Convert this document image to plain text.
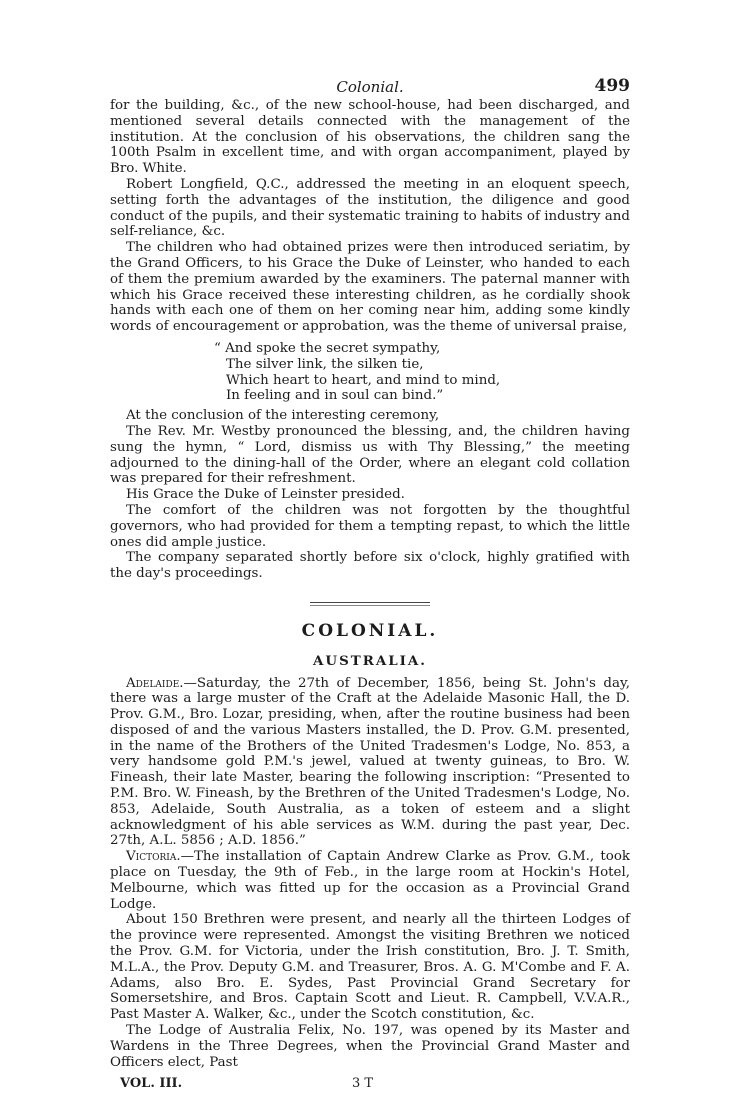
Colonial.	499

for the building, &c., of the new school-house, had been discharged, and mentioned several details connected with the management of the institution. At the conclusion of his observations, the children sang the 100th Psalm in excellent time, and with organ accompaniment, played by Bro. White.

Robert Longfield, Q.C., addressed the meeting in an eloquent speech, setting forth the advantages of the institution, the diligence and good conduct of the pupils, and their systematic training to habits of industry and self-reliance, &c.

The children who had obtained prizes were then introduced seriatim, by the Grand Officers, to his Grace the Duke of Leinster, who handed to each of them the premium awarded by the examiners. The paternal manner with which his Grace received these interesting children, as he cordially shook hands with each one of them on her coming near him, adding some kindly words of encouragement or approbation, was the theme of universal praise,

“ And spoke the secret sympathy,
The silver link, the silken tie,
Which heart to heart, and mind to mind,
In feeling and in soul can bind.”

At the conclusion of the interesting ceremony,

The Rev. Mr. Westby pronounced the blessing, and, the children having sung the hymn, “ Lord, dismiss us with Thy Blessing,” the meeting adjourned to the dining-hall of the Order, where an elegant cold collation was prepared for their refreshment.

His Grace the Duke of Leinster presided.

The comfort of the children was not forgotten by the thoughtful governors, who had provided for them a tempting repast, to which the little ones did ample justice.

The company separated shortly before six o'clock, highly gratified with the day's proceedings.

COLONIAL.
AUSTRALIA.

Adelaide.—Saturday, the 27th of December, 1856, being St. John's day, there was a large muster of the Craft at the Adelaide Masonic Hall, the D. Prov. G.M., Bro. Lozar, presiding, when, after the routine business had been disposed of and the various Masters installed, the D. Prov. G.M. presented, in the name of the Brothers of the United Tradesmen's Lodge, No. 853, a very handsome gold P.M.'s jewel, valued at twenty guineas, to Bro. W. Fineash, their late Master, bearing the following inscription: “Presented to P.M. Bro. W. Fineash, by the Brethren of the United Tradesmen's Lodge, No. 853, Adelaide, South Australia, as a token of esteem and a slight acknowledgment of his able services as W.M. during the past year, Dec. 27th, A.L. 5856 ; A.D. 1856.”

Victoria.—The installation of Captain Andrew Clarke as Prov. G.M., took place on Tuesday, the 9th of Feb., in the large room at Hockin's Hotel, Melbourne, which was fitted up for the occasion as a Provincial Grand Lodge.

About 150 Brethren were present, and nearly all the thirteen Lodges of the province were represented. Amongst the visiting Brethren we noticed the Prov. G.M. for Victoria, under the Irish constitution, Bro. J. T. Smith, M.L.A., the Prov. Deputy G.M. and Treasurer, Bros. A. G. M'Combe and F. A. Adams, also Bro. E. Sydes, Past Provincial Grand Secretary for Somersetshire, and Bros. Captain Scott and Lieut. R. Campbell, V.V.A.R., Past Master A. Walker, &c., under the Scotch constitution, &c.

The Lodge of Australia Felix, No. 197, was opened by its Master and Wardens in the Three Degrees, when the Provincial Grand Master and Officers elect, Past

VOL. III.	3 T
